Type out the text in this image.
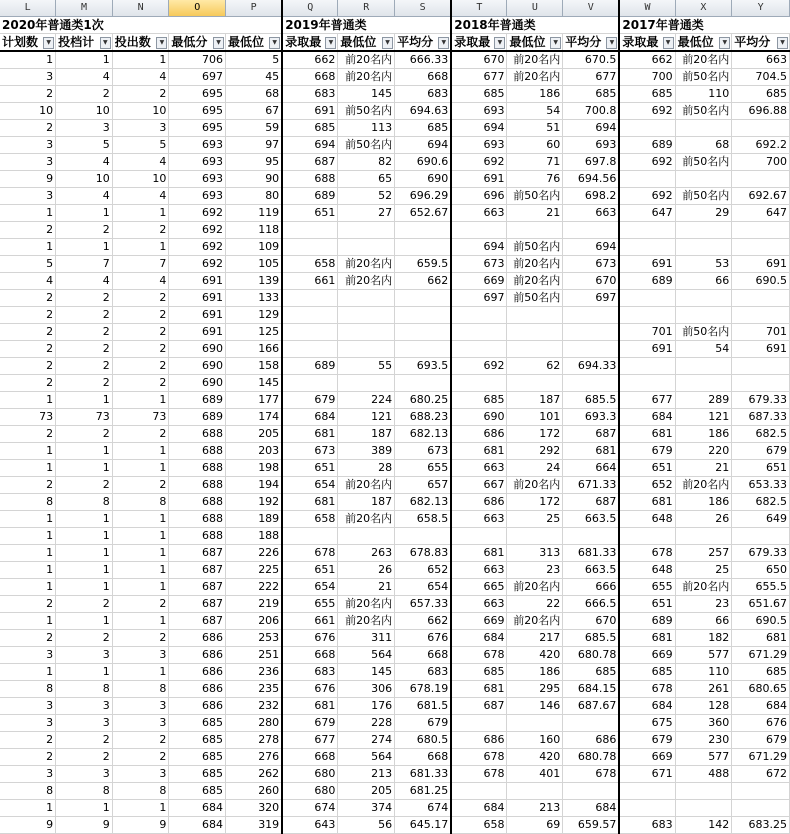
L	M	N	O	P	Q	R	S	T	U	V	W	X	Y
2020年普通类1次					2019年普通类			2018年普通类			2017年普通类		
计划数 ▼	投档计 ▼	投出数 ▼	最低分 ▼	最低位 ▼	录取最 ▼	最低位 ▼	平均分 ▼	录取最 ▼	最低位 ▼	平均分 ▼	录取最 ▼	最低位 ▼	平均分 ▼

1	1	1	706	5	662	前20名内	666.33	670	前20名内	670.5	662	前20名内	663
3	4	4	697	45	668	前20名内	668	677	前20名内	677	700	前50名内	704.5
2	2	2	695	68	683	145	683	685	186	685	685	110	685
10	10	10	695	67	691	前50名内	694.63	693	54	700.8	692	前50名内	696.88
2	3	3	695	59	685	113	685	694	51	694			
3	5	5	693	97	694	前50名内	694	693	60	693	689	68	692.2
3	4	4	693	95	687	82	690.6	692	71	697.8	692	前50名内	700
9	10	10	693	90	688	65	690	691	76	694.56			
3	4	4	693	80	689	52	696.29	696	前50名内	698.2	692	前50名内	692.67
1	1	1	692	119	651	27	652.67	663	21	663	647	29	647
2	2	2	692	118									
1	1	1	692	109				694	前50名内	694			
5	7	7	692	105	658	前20名内	659.5	673	前20名内	673	691	53	691
4	4	4	691	139	661	前20名内	662	669	前20名内	670	689	66	690.5
2	2	2	691	133				697	前50名内	697			
2	2	2	691	129									
2	2	2	691	125							701	前50名内	701
2	2	2	690	166							691	54	691
2	2	2	690	158	689	55	693.5	692	62	694.33			
2	2	2	690	145									
1	1	1	689	177	679	224	680.25	685	187	685.5	677	289	679.33
73	73	73	689	174	684	121	688.23	690	101	693.3	684	121	687.33
2	2	2	688	205	681	187	682.13	686	172	687	681	186	682.5
1	1	1	688	203	673	389	673	681	292	681	679	220	679
1	1	1	688	198	651	28	655	663	24	664	651	21	651
2	2	2	688	194	654	前20名内	657	667	前20名内	671.33	652	前20名内	653.33
8	8	8	688	192	681	187	682.13	686	172	687	681	186	682.5
1	1	1	688	189	658	前20名内	658.5	663	25	663.5	648	26	649
1	1	1	688	188									
1	1	1	687	226	678	263	678.83	681	313	681.33	678	257	679.33
1	1	1	687	225	651	26	652	663	23	663.5	648	25	650
1	1	1	687	222	654	21	654	665	前20名内	666	655	前20名内	655.5
2	2	2	687	219	655	前20名内	657.33	663	22	666.5	651	23	651.67
1	1	1	687	206	661	前20名内	662	669	前20名内	670	689	66	690.5
2	2	2	686	253	676	311	676	684	217	685.5	681	182	681
3	3	3	686	251	668	564	668	678	420	680.78	669	577	671.29
1	1	1	686	236	683	145	683	685	186	685	685	110	685
8	8	8	686	235	676	306	678.19	681	295	684.15	678	261	680.65
3	3	3	686	232	681	176	681.5	687	146	687.67	684	128	684
3	3	3	685	280	679	228	679				675	360	676
2	2	2	685	278	677	274	680.5	686	160	686	679	230	679
2	2	2	685	276	668	564	668	678	420	680.78	669	577	671.29
3	3	3	685	262	680	213	681.33	678	401	678	671	488	672
8	8	8	685	260	680	205	681.25						
1	1	1	684	320	674	374	674	684	213	684			
9	9	9	684	319	643	56	645.17	658	69	659.57	683	142	683.25
